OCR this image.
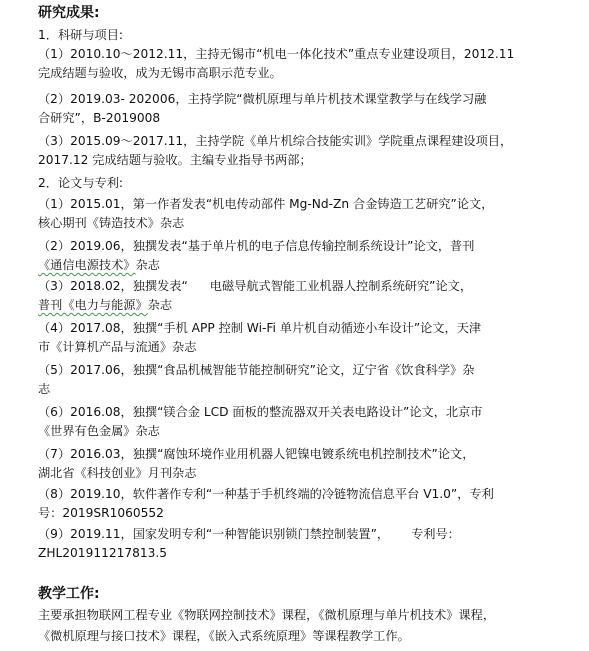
研究成果:
1．科研与项目:
（1）2010.10～2012.11，主持无锡市“机电一体化技术”重点专业建设项目，2012.11
完成结题与验收，成为无锡市高职示范专业。
（2）2019.03- 202006，主持学院“微机原理与单片机技术课堂教学与在线学习融
合研究”，B-2019008
（3）2015.09～2017.11，主持学院《单片机综合技能实训》学院重点课程建设项目，
2017.12 完成结题与验收。主编专业指导书两部；
2．论文与专利:
（1）2015.01，第一作者发表“机电传动部件 Mg-Nd-Zn 合金铸造工艺研究”论文，
核心期刊《铸造技术》杂志
（2）2019.06，独撰发表“基于单片机的电子信息传输控制系统设计”论文，普刊
《通信电源技术》杂志
（3）2018.02，独撰发表“ 电磁导航式智能工业机器人控制系统研究”论文，
普刊《电力与能源》杂志
（4）2017.08，独撰“手机 APP 控制 Wi-Fi 单片机自动循迹小车设计”论文，天津
市《计算机产品与流通》杂志
（5）2017.06，独撰“食品机械智能节能控制研究”论文，辽宁省《饮食科学》杂
志
（6）2016.08，独撰“镁合金 LCD 面板的整流器双开关表电路设计”论文，北京市
《世界有色金属》杂志
（7）2016.03，独撰“腐蚀环境作业用机器人钯镍电镀系统电机控制技术”论文，
湖北省《科技创业》月刊杂志
（8）2019.10，软件著作专利“一种基于手机终端的冷链物流信息平台 V1.0”，专利
号：2019SR1060552
（9）2019.11，国家发明专利“一种智能识别锁门禁控制装置”， 专利号：
ZHL201911217813.5
教学工作:
主要承担物联网工程专业《物联网控制技术》课程，《微机原理与单片机技术》课程，
《微机原理与接口技术》课程，《嵌入式系统原理》等课程教学工作。
